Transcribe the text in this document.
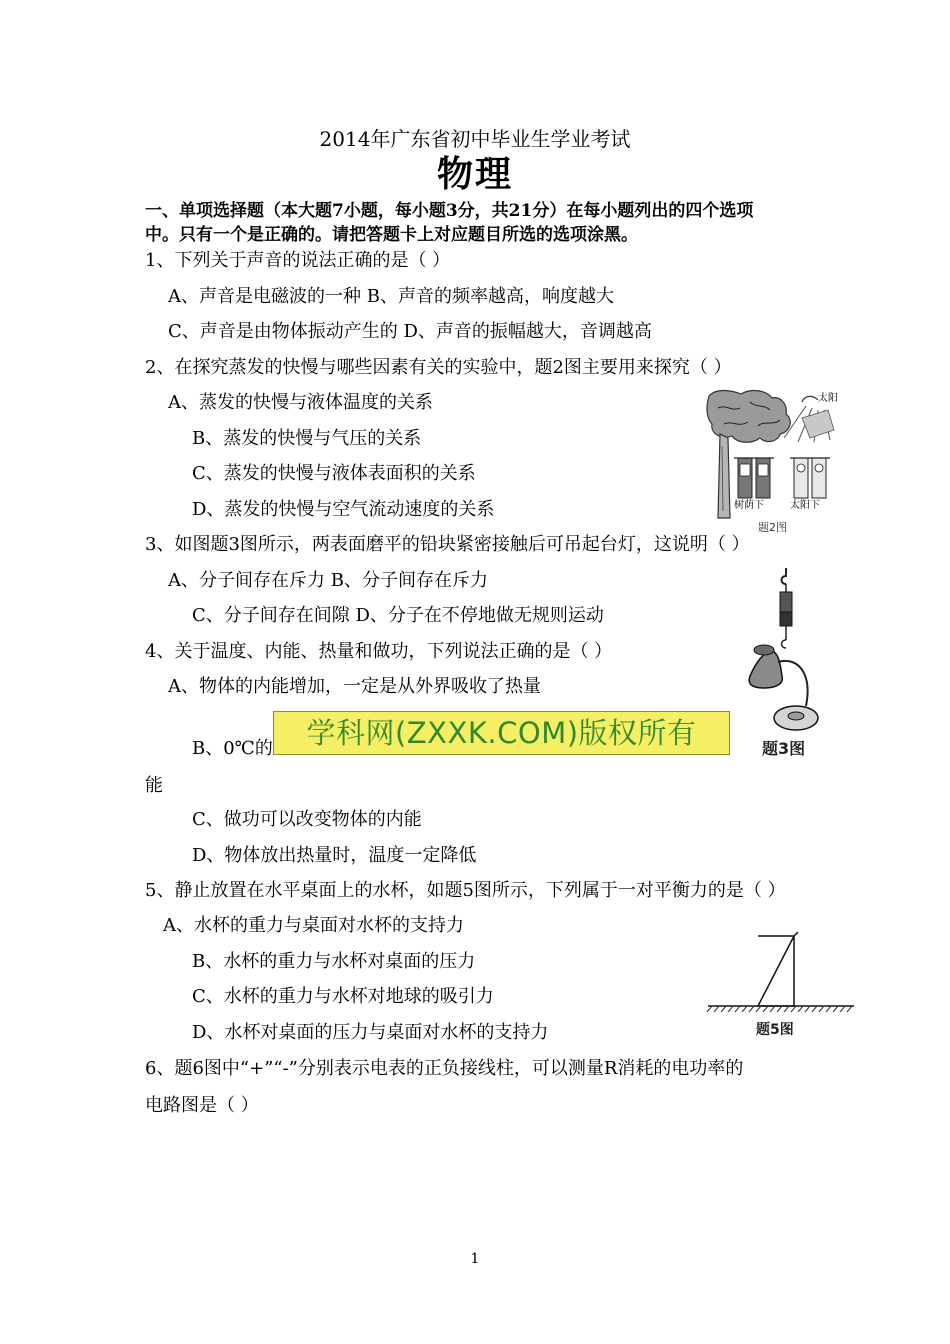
2014年广东省初中毕业生学业考试
物理
一、单项选择题（本大题7小题，每小题3分，共21分）在每小题列出的四个选项
中。只有一个是正确的。请把答题卡上对应题目所选的选项涂黑。
1、下列关于声音的说法正确的是（ ）
A、声音是电磁波的一种 B、声音的频率越高，响度越大
C、声音是由物体振动产生的 D、声音的振幅越大，音调越高
2、在探究蒸发的快慢与哪些因素有关的实验中，题2图主要用来探究（ ）
A、蒸发的快慢与液体温度的关系
B、蒸发的快慢与气压的关系
C、蒸发的快慢与液体表面积的关系
D、蒸发的快慢与空气流动速度的关系
太阳
树荫下	太阳下
题2图
3、如图题3图所示，两表面磨平的铅块紧密接触后可吊起台灯，这说明（ ）
A、分子间存在斥力 B、分子间存在斥力
C、分子间存在间隙 D、分子在不停地做无规则运动
题3图
4、关于温度、内能、热量和做功，下列说法正确的是（ ）
A、物体的内能增加，一定是从外界吸收了热量
B、0℃的
能
C、做功可以改变物体的内能
D、物体放出热量时，温度一定降低
学科网(ZXXK.COM)版权所有
5、静止放置在水平桌面上的水杯，如题5图所示，下列属于一对平衡力的是（ ）
A、水杯的重力与桌面对水杯的支持力
B、水杯的重力与水杯对桌面的压力
C、水杯的重力与水杯对地球的吸引力
D、水杯对桌面的压力与桌面对水杯的支持力	题5图
6、题6图中“+”“-”分别表示电表的正负接线柱，可以测量R消耗的电功率的
电路图是（ ）
1
